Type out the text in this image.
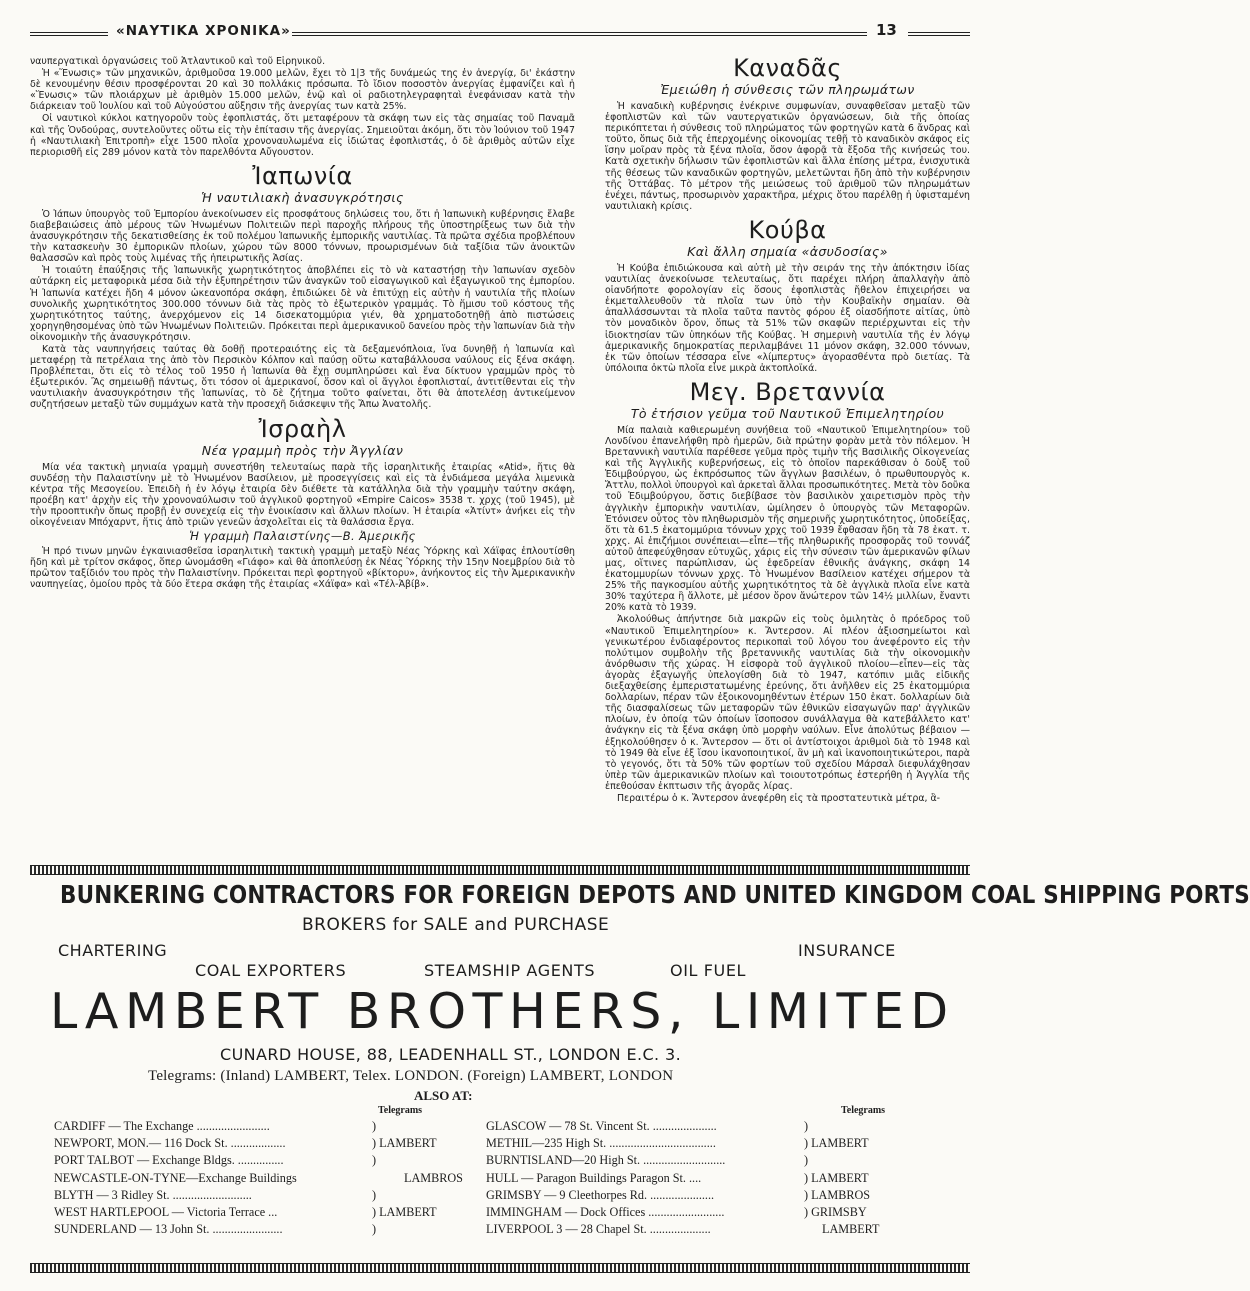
«ΝΑΥΤΙΚΑ ΧΡΟΝΙΚΑ»	13

ναυπεργατικαὶ ὀργανώσεις τοῦ Ἀτλαντικοῦ καὶ τοῦ Εἰρηνικοῦ.

Ἡ «Ἕνωσις» τῶν μηχανικῶν, ἀριθμοῦσα 19.000 μελῶν, ἔχει τὸ 1|3 τῆς δυνάμεώς της ἐν ἀνεργίᾳ, δι' ἑκάστην δὲ κενουμένην θέσιν προσφέρονται 20 καὶ 30 πολλάκις πρόσωπα. Τὸ ἴδιον ποσοστὸν ἀνεργίας ἐμφανίζει καὶ ἡ «Ἕνωσις» τῶν πλοιάρχων μὲ ἀριθμὸν 15.000 μελῶν, ἐνῷ καὶ οἱ ραδιοτηλεγραφηταὶ ἐνεφάνισαν κατὰ τὴν διάρκειαν τοῦ Ἰουλίου καὶ τοῦ Αὐγούστου αὔξησιν τῆς ἀνεργίας των κατὰ 25%.

Οἱ ναυτικοὶ κύκλοι κατηγοροῦν τοὺς ἐφοπλιστάς, ὅτι μεταφέρουν τὰ σκάφη των εἰς τὰς σημαίας τοῦ Παναμᾶ καὶ τῆς Ὁνδούρας, συντελοῦντες οὕτω εἰς τὴν ἐπίτασιν τῆς ἀνεργίας. Σημειοῦται ἀκόμη, ὅτι τὸν Ἰούνιον τοῦ 1947 ἡ «Ναυτιλιακὴ Ἐπιτροπὴ» εἶχε 1500 πλοῖα χρονοναυλωμένα εἰς ἰδιώτας ἐφοπλιστάς, ὁ δὲ ἀριθμὸς αὐτῶν εἶχε περιορισθῆ εἰς 289 μόνον κατὰ τὸν παρελθόντα Αὔγουστον.

Ἰαπωνία
Ἡ ναυτιλιακὴ ἀνασυγκρότησις

Ὁ Ἰάπων ὑπουργὸς τοῦ Ἐμπορίου ἀνεκοίνωσεν εἰς προσφάτους δηλώσεις του, ὅτι ἡ Ἰαπωνικὴ κυβέρνησις ἔλαβε διαβεβαιώσεις ἀπὸ μέρους τῶν Ἡνωμένων Πολιτειῶν περὶ παροχῆς πλήρους τῆς ὑποστηρίξεως των διὰ τὴν ἀνασυγκρότησιν τῆς δεκατισθείσης ἐκ τοῦ πολέμου Ἰαπωνικῆς ἐμπορικῆς ναυτιλίας. Τὰ πρῶτα σχέδια προβλέπουν τὴν κατασκευὴν 30 ἐμπορικῶν πλοίων, χώρου τῶν 8000 τόννων, προωρισμένων διὰ ταξίδια τῶν ἀνοικτῶν θαλασσῶν καὶ πρὸς τοὺς λιμένας τῆς ἠπειρωτικῆς Ἀσίας.

Ἡ τοιαύτη ἐπαύξησις τῆς Ἰαπωνικῆς χωρητικότητος ἀποβλέπει εἰς τὸ νὰ καταστήσῃ τὴν Ἰαπωνίαν σχεδὸν αὐτάρκη εἰς μεταφορικὰ μέσα διὰ τὴν ἐξυπηρέτησιν τῶν ἀναγκῶν τοῦ εἰσαγωγικοῦ καὶ ἐξαγωγικοῦ της ἐμπορίου. Ἡ Ἰαπωνία κατέχει ἤδη 4 μόνον ὠκεανοπόρα σκάφη, ἐπιδιώκει δὲ νὰ ἐπιτύχῃ εἰς αὐτὴν ἡ ναυτιλία τῆς πλοίων συνολικῆς χωρητικότητος 300.000 τόννων διὰ τὰς πρὸς τὸ ἐξωτερικὸν γραμμάς. Τὸ ἥμισυ τοῦ κόστους τῆς χωρητικότητος ταύτης, ἀνερχόμενον εἰς 14 δισεκατομμύρια γιέν, θὰ χρηματοδοτηθῇ ἀπὸ πιστώσεις χορηγηθησομένας ὑπὸ τῶν Ἡνωμένων Πολιτειῶν. Πρόκειται περὶ ἀμερικανικοῦ δανείου πρὸς τὴν Ἰαπωνίαν διὰ τὴν οἰκονομικὴν τῆς ἀνασυγκρότησιν.

Κατὰ τὰς ναυπηγήσεις ταύτας θὰ δοθῇ προτεραιότης εἰς τὰ δεξαμενόπλοια, ἵνα δυνηθῇ ἡ Ἰαπωνία καὶ μεταφέρῃ τὰ πετρέλαια της ἀπὸ τὸν Περσικὸν Κόλπον καὶ παύσῃ οὕτω καταβάλλουσα ναύλους εἰς ξένα σκάφη. Προβλέπεται, ὅτι εἰς τὸ τέλος τοῦ 1950 ἡ Ἰαπωνία θὰ ἔχῃ συμπληρώσει καὶ ἕνα δίκτυον γραμμῶν πρὸς τὸ ἐξωτερικόν. Ἂς σημειωθῇ πάντως, ὅτι τόσον οἱ ἀμερικανοί, ὅσον καὶ οἱ ἄγγλοι ἐφοπλισταί, ἀντιτίθενται εἰς τὴν ναυτιλιακὴν ἀνασυγκρότησιν τῆς Ἰαπωνίας, τὸ δὲ ζήτημα τοῦτο φαίνεται, ὅτι θὰ ἀποτελέσῃ ἀντικείμενον συζητήσεων μεταξὺ τῶν συμμάχων κατὰ τὴν προσεχῆ διάσκεψιν τῆς Ἄπω Ἀνατολῆς.

Ἰσραὴλ
Νέα γραμμὴ πρὸς τὴν Ἀγγλίαν

Μία νέα τακτικὴ μηνιαία γραμμὴ συνεστήθη τελευταίως παρὰ τῆς ἰσραηλιτικῆς ἑταιρίας «Atid», ἥτις θὰ συνδέσῃ τὴν Παλαιστίνην μὲ τὸ Ἡνωμένον Βασίλειον, μὲ προσεγγίσεις καὶ εἰς τὰ ἐνδιάμεσα μεγάλα λιμενικὰ κέντρα τῆς Μεσογείου. Ἐπειδὴ ἡ ἐν λόγῳ ἑταιρία δὲν διέθετε τὰ κατάλληλα διὰ τὴν γραμμὴν ταύτην σκάφη, προέβη κατ' ἀρχὴν εἰς τὴν χρονοναύλωσιν τοῦ ἀγγλικοῦ φορτηγοῦ «Empire Caicos» 3538 τ. χρχς (τοῦ 1945), μὲ τὴν προοπτικὴν ὅπως προβῇ ἐν συνεχείᾳ εἰς τὴν ἐνοικίασιν καὶ ἄλλων πλοίων. Ἡ ἑταιρία «Ἀτίντ» ἀνήκει εἰς τὴν οἰκογένειαν Μπόχαρντ, ἥτις ἀπὸ τριῶν γενεῶν ἀσχολεῖται εἰς τὰ θαλάσσια ἔργα.

Ἡ γραμμὴ Παλαιστίνης—Β. Ἀμερικῆς

Ἡ πρό τινων μηνῶν ἐγκαινιασθεῖσα ἰσραηλιτικὴ τακτικὴ γραμμὴ μεταξὺ Νέας Ὑόρκης καὶ Χάϊφας ἐπλουτίσθη ἤδη καὶ μὲ τρίτον σκάφος, ὅπερ ὠνομάσθη «Γιάφο» καὶ θὰ ἀποπλεύσῃ ἐκ Νέας Ὑόρκης τὴν 15ην Νοεμβρίου διὰ τὸ πρῶτον ταξίδιόν του πρὸς τὴν Παλαιστίνην. Πρόκειται περὶ φορτηγοῦ «βίκτορυ», ἀνήκοντος εἰς τὴν Ἀμερικανικὴν ναυπηγείας, ὁμοίου πρὸς τὰ δύο ἕτερα σκάφη τῆς ἑταιρίας «Χάϊφα» καὶ «Τέλ-Ἀβίβ».

Καναδᾶς
Ἐμειώθη ἡ σύνθεσις τῶν πληρωμάτων

Ἡ καναδικὴ κυβέρνησις ἐνέκρινε συμφωνίαν, συναφθεῖσαν μεταξὺ τῶν ἐφοπλιστῶν καὶ τῶν ναυτεργατικῶν ὀργανώσεων, διὰ τῆς ὁποίας περικόπτεται ἡ σύνθεσις τοῦ πληρώματος τῶν φορτηγῶν κατὰ 6 ἄνδρας καὶ τοῦτο, ὅπως διὰ τῆς ἐπερχομένης οἰκονομίας τεθῇ τὸ καναδικὸν σκάφος εἰς ἴσην μοῖραν πρὸς τὰ ξένα πλοῖα, ὅσον ἀφορᾷ τὰ ἔξοδα τῆς κινήσεώς του. Κατὰ σχετικὴν δήλωσιν τῶν ἐφοπλιστῶν καὶ ἄλλα ἐπίσης μέτρα, ἐνισχυτικὰ τῆς θέσεως τῶν καναδικῶν φορτηγῶν, μελετῶνται ἤδη ἀπὸ τὴν κυβέρνησιν τῆς Ὀττάβας. Τὸ μέτρον τῆς μειώσεως τοῦ ἀριθμοῦ τῶν πληρωμάτων ἐνέχει, πάντως, προσωρινὸν χαρακτῆρα, μέχρις ὅτου παρέλθῃ ἡ ὑφισταμένη ναυτιλιακὴ κρίσις.

Κούβα
Καὶ ἄλλη σημαία «ἀσυδοσίας»

Ἡ Κούβα ἐπιδιώκουσα καὶ αὐτὴ μὲ τὴν σειράν της τὴν ἀπόκτησιν ἰδίας ναυτιλίας ἀνεκοίνωσε τελευταίως, ὅτι παρέχει πλήρη ἀπαλλαγὴν ἀπὸ οἱανδήποτε φορολογίαν εἰς ὅσους ἐφοπλιστὰς ἤθελον ἐπιχειρήσει να ἐκμεταλλευθοῦν τὰ πλοῖα των ὑπὸ τὴν Κουβαϊκὴν σημαίαν. Θὰ ἀπαλλάσσωνται τὰ πλοῖα ταῦτα παντὸς φόρου ἐξ οἱασδήποτε αἰτίας, ὑπὸ τὸν μοναδικὸν ὅρον, ὅπως τὰ 51% τῶν σκαφῶν περιέρχωνται εἰς τὴν ἰδιοκτησίαν τῶν ὑπηκόων τῆς Κούβας. Ἡ σημερινὴ ναυτιλία τῆς ἐν λόγῳ ἀμερικανικῆς δημοκρατίας περιλαμβάνει 11 μόνον σκάφη, 32.000 τόννων, ἐκ τῶν ὁποίων τέσσαρα εἶνε «λίμπερτυς» ἀγορασθέντα πρὸ διετίας. Τὰ ὑπόλοιπα ὀκτὼ πλοῖα εἶνε μικρὰ ἀκτοπλοϊκά.

Μεγ. Βρεταννία
Τὸ ἐτήσιον γεῦμα τοῦ Ναυτικοῦ Ἐπιμελητηρίου

Μία παλαιὰ καθιερωμένη συνήθεια τοῦ «Ναυτικοῦ Ἐπιμελητηρίου» τοῦ Λονδίνου ἐπανελήφθη πρὸ ἡμερῶν, διὰ πρώτην φορὰν μετὰ τὸν πόλεμον. Ἡ Βρεταννικὴ ναυτιλία παρέθεσε γεῦμα πρὸς τιμὴν τῆς Βασιλικῆς Οἰκογενείας καὶ τῆς Ἀγγλικῆς κυβερνήσεως, εἰς τὸ ὁποῖον παρεκάθισαν ὁ δοὺξ τοῦ Ἐδιμβούργου, ὡς ἐκπρόσωπος τῶν ἄγγλων βασιλέων, ὁ πρωθυπουργὸς κ. Ἄττλυ, πολλοὶ ὑπουργοὶ καὶ ἀρκεταὶ ἄλλαι προσωπικότητες. Μετὰ τὸν δοῦκα τοῦ Ἐδιμβούργου, ὅστις διεβίβασε τὸν βασιλικὸν χαιρετισμὸν πρὸς τὴν ἀγγλικὴν ἐμπορικὴν ναυτιλίαν, ὡμίλησεν ὁ ὑπουργὸς τῶν Μεταφορῶν. Ἐτόνισεν οὗτος τὸν πληθωρισμὸν τῆς σημερινῆς χωρητικότητος, ὑποδείξας, ὅτι τὰ 61.5 ἑκατομμύρια τόννων χρχς τοῦ 1939 ἔφθασαν ἤδη τὰ 78 ἑκατ. τ. χρχς. Αἱ ἐπιζήμιοι συνέπειαι—εἶπε—τῆς πληθωρικῆς προσφορᾶς τοῦ τοννάζ αὐτοῦ ἀπεφεύχθησαν εὐτυχῶς, χάρις εἰς τὴν σύνεσιν τῶν ἀμερικανῶν φίλων μας, οἵτινες παρώπλισαν, ὡς ἐφεδρείαν ἐθνικῆς ἀνάγκης, σκάφη 14 ἑκατομμυρίων τόννων χρχς. Τὸ Ἡνωμένον Βασίλειον κατέχει σήμερον τὰ 25% τῆς παγκοσμίου αὐτῆς χωρητικότητος τὰ δὲ ἀγγλικὰ πλοῖα εἶνε κατὰ 30% ταχύτερα ἢ ἄλλοτε, μὲ μέσον ὅρον ἄνώτερον τῶν 14½ μιλλίων, ἔναντι 20% κατὰ τὸ 1939.

Ἀκολούθως ἀπήντησε διὰ μακρῶν εἰς τοὺς ὁμιλητὰς ὁ πρόεδρος τοῦ «Ναυτικοῦ Ἐπιμελητηρίου» κ. Ἄντερσον. Αἱ πλέον ἀξιοσημείωτοι καὶ γενικωτέρου ἐνδιαφέροντος περικοπαὶ τοῦ λόγου του ἀνεφέροντο εἰς τὴν πολύτιμον συμβολὴν τῆς βρεταννικῆς ναυτιλίας διὰ τὴν οἰκονομικὴν ἀνόρθωσιν τῆς χώρας. Ἡ εἰσφορὰ τοῦ ἀγγλικοῦ πλοίου—εἶπεν—εἰς τὰς ἀγορὰς ἐξαγωγῆς ὑπελογίσθη διὰ τὸ 1947, κατόπιν μιᾶς εἰδικῆς διεξαχθείσης ἐμπεριστατωμένης ἐρεύνης, ὅτι ἀνῆλθεν εἰς 25 ἑκατομμύρια δολλαρίων, πέραν τῶν ἐξοικονομηθέντων ἑτέρων 150 ἑκατ. δολλαρίων διὰ τῆς διασφαλίσεως τῶν μεταφορῶν τῶν ἐθνικῶν εἰσαγωγῶν παρ' ἀγγλικῶν πλοίων, ἐν ὁποίᾳ τῶν ὁποίων ἴσοποσον συνάλλαγμα θὰ κατεβάλλετο κατ' ἀνάγκην εἰς τὰ ξένα σκάφη ὑπὸ μορφὴν ναύλων. Εἶνε ἀπολύτως βέβαιον — ἐξηκολούθησεν ὁ κ. Ἄντερσον — ὅτι οἱ ἀντίστοιχοι ἀριθμοὶ διὰ τὸ 1948 καὶ τὸ 1949 θὰ εἶνε ἐξ ἴσου ἱκανοποιητικοί, ἂν μὴ καὶ ἱκανοποιητικώτεροι, παρὰ τὸ γεγονός, ὅτι τὰ 50% τῶν φορτίων τοῦ σχεδίου Μάρσαλ διεφυλάχθησαν ὑπὲρ τῶν ἀμερικανικῶν πλοίων καὶ τοιουτοτρόπως ἐστερήθη ἡ Ἀγγλία τῆς ἐπεθούσαν ἐκπτωσιν τῆς ἀγορᾶς λίρας.

Περαιτέρω ὁ κ. Ἄντερσον ἀνεφέρθη εἰς τὰ προστατευτικὰ μέτρα, ἃ-

BUNKERING CONTRACTORS FOR FOREIGN DEPOTS AND UNITED KINGDOM COAL SHIPPING PORTS
BROKERS for SALE and PURCHASE
CHARTERING	INSURANCE
COAL EXPORTERS	STEAMSHIP AGENTS	OIL FUEL
LAMBERT BROTHERS, LIMITED
CUNARD HOUSE, 88, LEADENHALL ST., LONDON E.C. 3.
Telegrams: (Inland) LAMBERT, Telex. LONDON. (Foreign) LAMBERT, LONDON
ALSO AT:
Telegrams	Telegrams
CARDIFF — The Exchange ........................	)
NEWPORT, MON.— 116 Dock St. ..................	) LAMBERT
PORT TALBOT — Exchange Bldgs. ...............	)
NEWCASTLE-ON-TYNE—Exchange Buildings	LAMBROS
BLYTH — 3 Ridley St. ..........................	)
WEST HARTLEPOOL — Victoria Terrace ...	) LAMBERT
SUNDERLAND — 13 John St. .......................	)
GLASCOW — 78 St. Vincent St. .....................	)
METHIL—235 High St. ...................................	) LAMBERT
BURNTISLAND—20 High St. ...........................	)
HULL — Paragon Buildings Paragon St. ....	) LAMBERT
GRIMSBY — 9 Cleethorpes Rd. .....................	) LAMBROS
IMMINGHAM — Dock Offices .........................	) GRIMSBY
LIVERPOOL 3 — 28 Chapel St. ....................	LAMBERT
